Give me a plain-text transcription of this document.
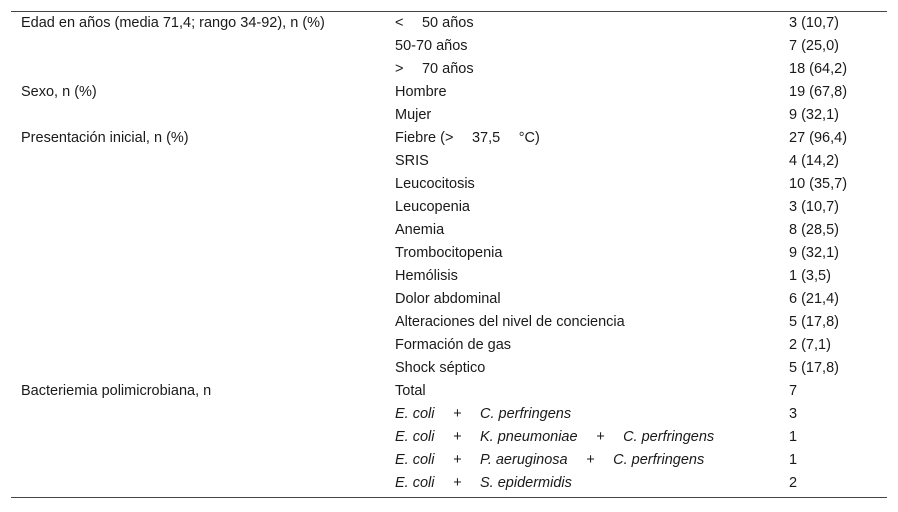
Edad en años (media 71,4; rango 34-92), n (%)	<   50 años	3 (10,7)
	50-70 años	7 (25,0)
	>   70 años	18 (64,2)
Sexo, n (%)	Hombre	19 (67,8)
	Mujer	9 (32,1)
Presentación inicial, n (%)	Fiebre (>   37,5   °C)	27 (96,4)
	SRIS	4 (14,2)
	Leucocitosis	10 (35,7)
	Leucopenia	3 (10,7)
	Anemia	8 (28,5)
	Trombocitopenia	9 (32,1)
	Hemólisis	1 (3,5)
	Dolor abdominal	6 (21,4)
	Alteraciones del nivel de conciencia	5 (17,8)
	Formación de gas	2 (7,1)
	Shock séptico	5 (17,8)
Bacteriemia polimicrobiana, n	Total	7
	E. coli   +   C. perfringens	3
	E. coli   +   K. pneumoniae   +   C. perfringens	1
	E. coli   +   P. aeruginosa   +   C. perfringens	1
	E. coli   +   S. epidermidis	2
